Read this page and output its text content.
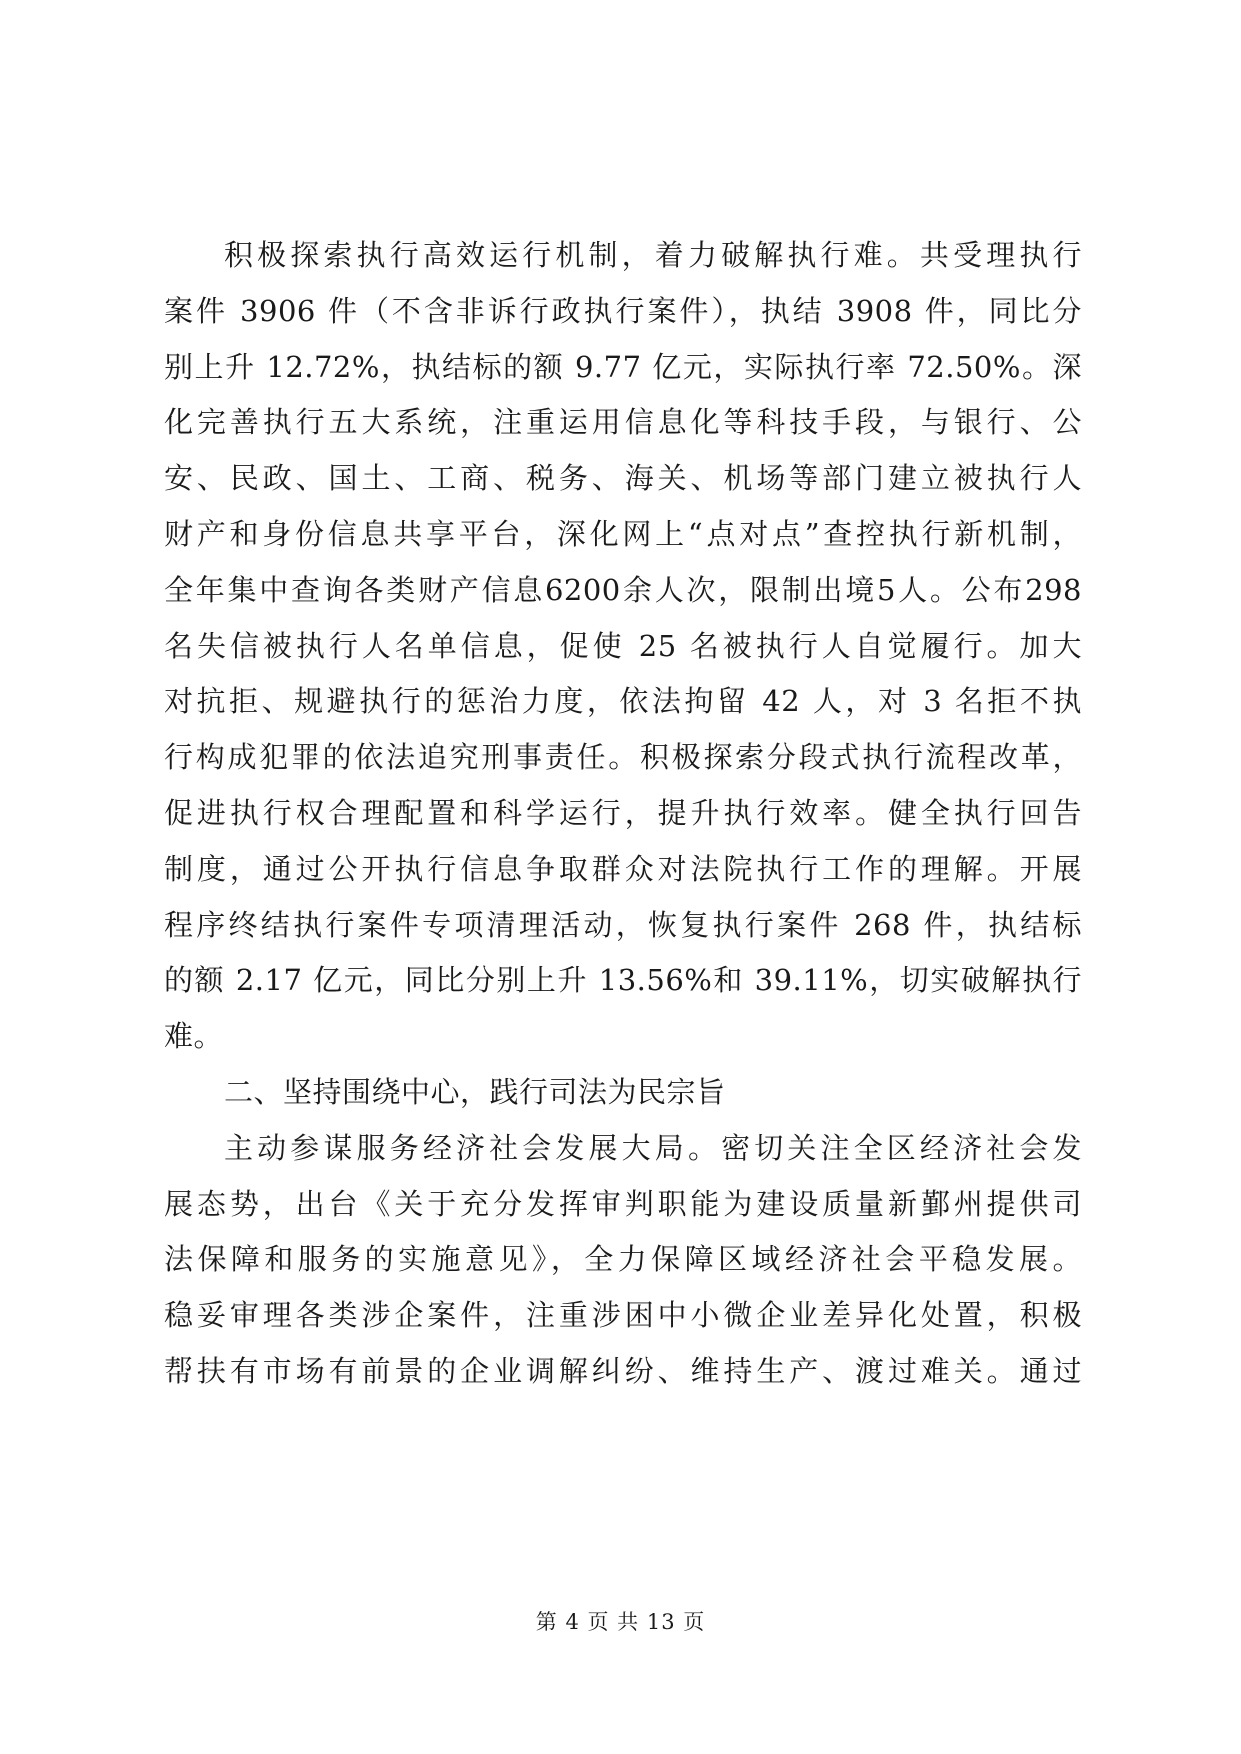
积极探索执行高效运行机制，着力破解执行难。共受理执行
案件 3906 件（不含非诉行政执行案件），执结 3908 件，同比分
别上升 12.72%，执结标的额 9.77 亿元，实际执行率 72.50%。深
化完善执行五大系统，注重运用信息化等科技手段，与银行、公
安、民政、国土、工商、税务、海关、机场等部门建立被执行人
财产和身份信息共享平台，深化网上“点对点”查控执行新机制，
全年集中查询各类财产信息6200余人次，限制出境5人。公布298
名失信被执行人名单信息，促使 25 名被执行人自觉履行。加大
对抗拒、规避执行的惩治力度，依法拘留 42 人，对 3 名拒不执
行构成犯罪的依法追究刑事责任。积极探索分段式执行流程改革，
促进执行权合理配置和科学运行，提升执行效率。健全执行回告
制度，通过公开执行信息争取群众对法院执行工作的理解。开展
程序终结执行案件专项清理活动，恢复执行案件 268 件，执结标
的额 2.17 亿元，同比分别上升 13.56%和 39.11%，切实破解执行
难。
二、坚持围绕中心，践行司法为民宗旨
主动参谋服务经济社会发展大局。密切关注全区经济社会发
展态势，出台《关于充分发挥审判职能为建设质量新鄞州提供司
法保障和服务的实施意见》，全力保障区域经济社会平稳发展。
稳妥审理各类涉企案件，注重涉困中小微企业差异化处置，积极
帮扶有市场有前景的企业调解纠纷、维持生产、渡过难关。通过
第 4 页 共 13 页
